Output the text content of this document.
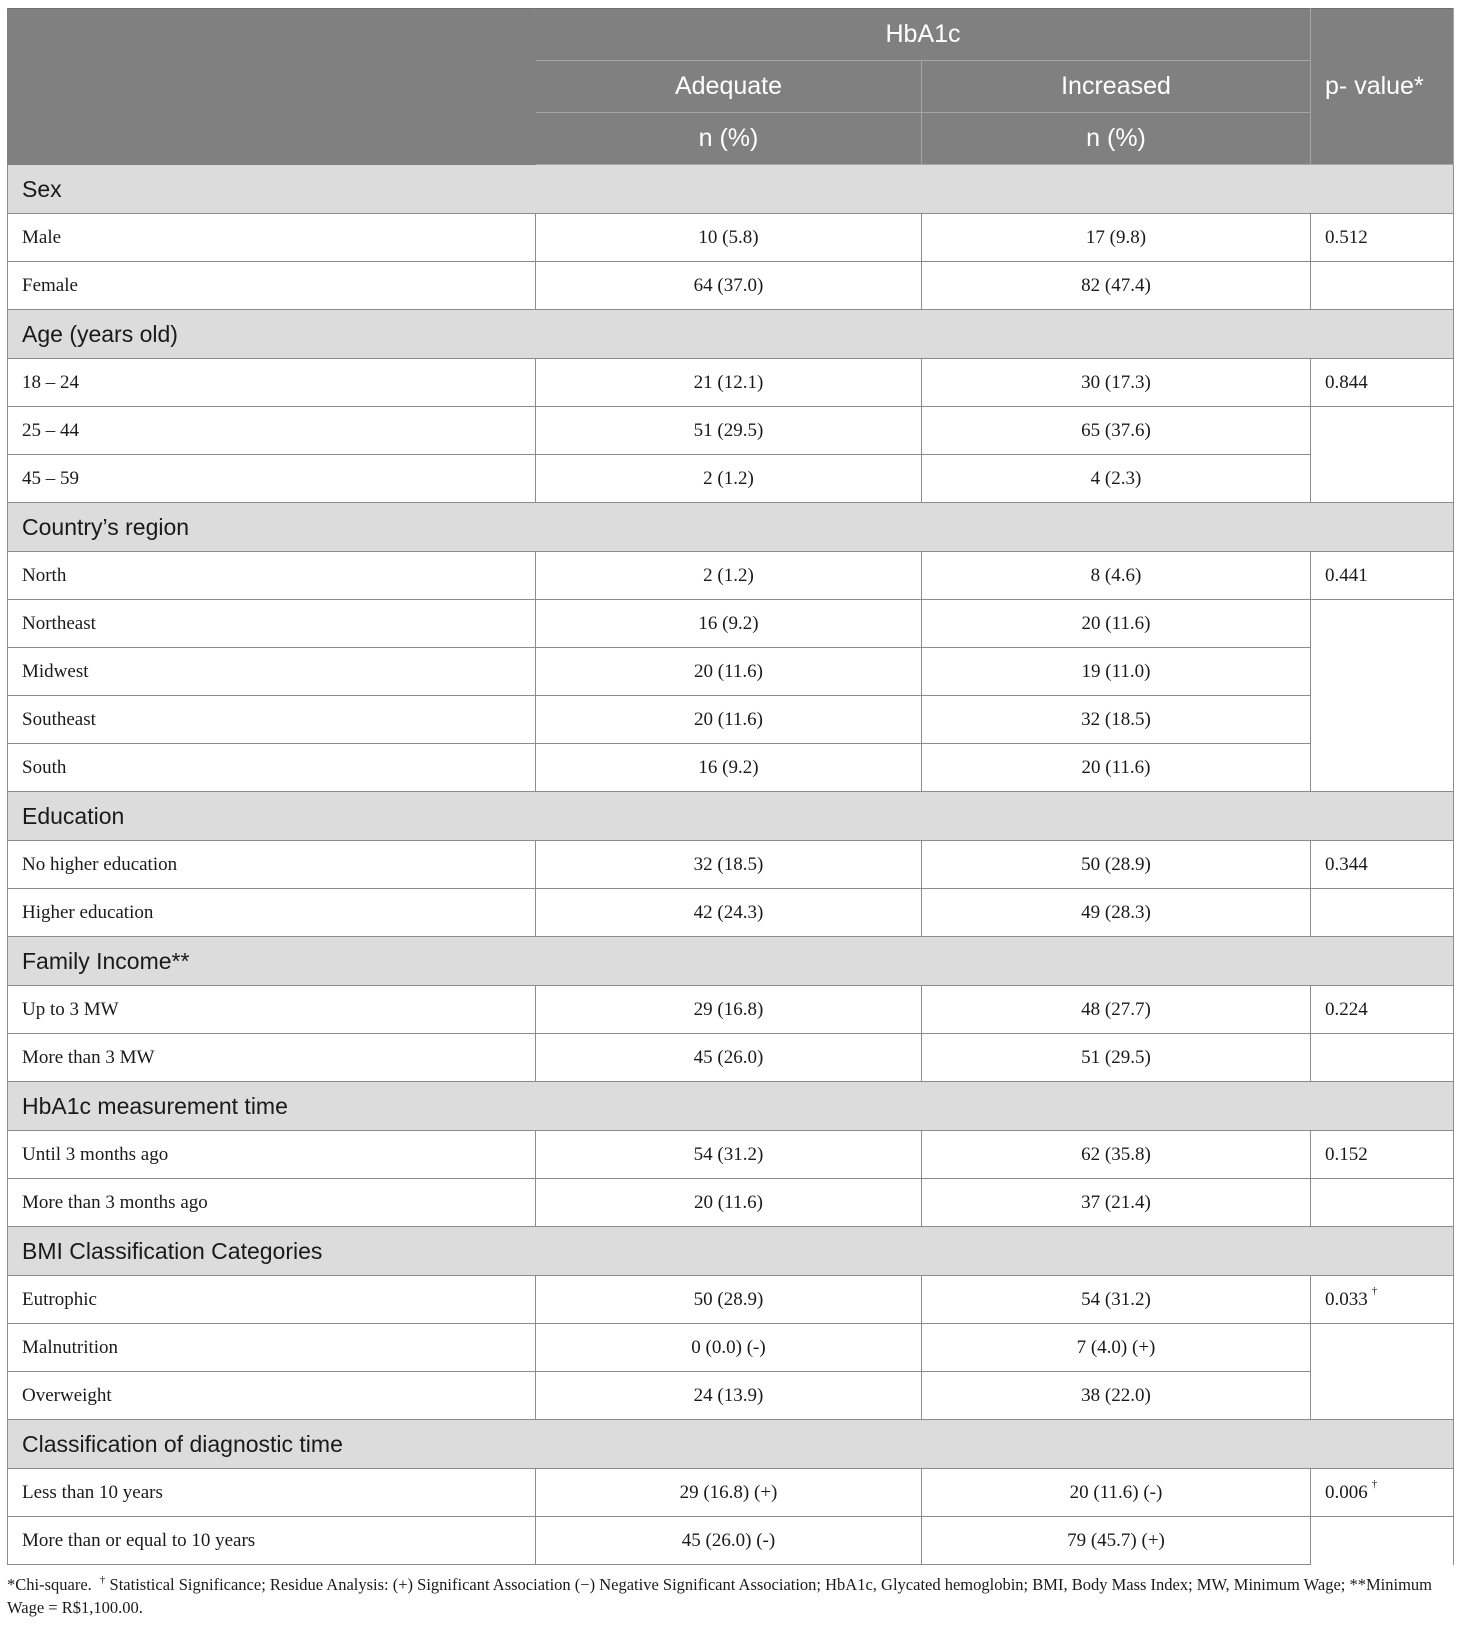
	HbA1c		p- value*
	Adequate	Increased	
	n (%)	n (%)	
Sex			
Male	10 (5.8)	17 (9.8)	0.512
Female	64 (37.0)	82 (47.4)	
Age (years old)			
18 – 24	21 (12.1)	30 (17.3)	0.844
25 – 44	51 (29.5)	65 (37.6)	
45 – 59	2 (1.2)	4 (2.3)	
Country’s region			
North	2 (1.2)	8 (4.6)	0.441
Northeast	16 (9.2)	20 (11.6)	
Midwest	20 (11.6)	19 (11.0)	
Southeast	20 (11.6)	32 (18.5)	
South	16 (9.2)	20 (11.6)	
Education			
No higher education	32 (18.5)	50 (28.9)	0.344
Higher education	42 (24.3)	49 (28.3)	
Family Income**			
Up to 3 MW	29 (16.8)	48 (27.7)	0.224
More than 3 MW	45 (26.0)	51 (29.5)	
HbA1c measurement time			
Until 3 months ago	54 (31.2)	62 (35.8)	0.152
More than 3 months ago	20 (11.6)	37 (21.4)	
BMI Classification Categories			
Eutrophic	50 (28.9)	54 (31.2)	0.033 †
Malnutrition	0 (0.0) (-)	7 (4.0) (+)	
Overweight	24 (13.9)	38 (22.0)	
Classification of diagnostic time			
Less than 10 years	29 (16.8) (+)	20 (11.6) (-)	0.006 †
More than or equal to 10 years	45 (26.0) (-)	79 (45.7) (+)	
*Chi-square. † Statistical Significance; Residue Analysis: (+) Significant Association (−) Negative Significant Association; HbA1c, Glycated hemoglobin; BMI, Body Mass Index; MW, Minimum Wage; **Minimum Wage = R$1,100.00.
